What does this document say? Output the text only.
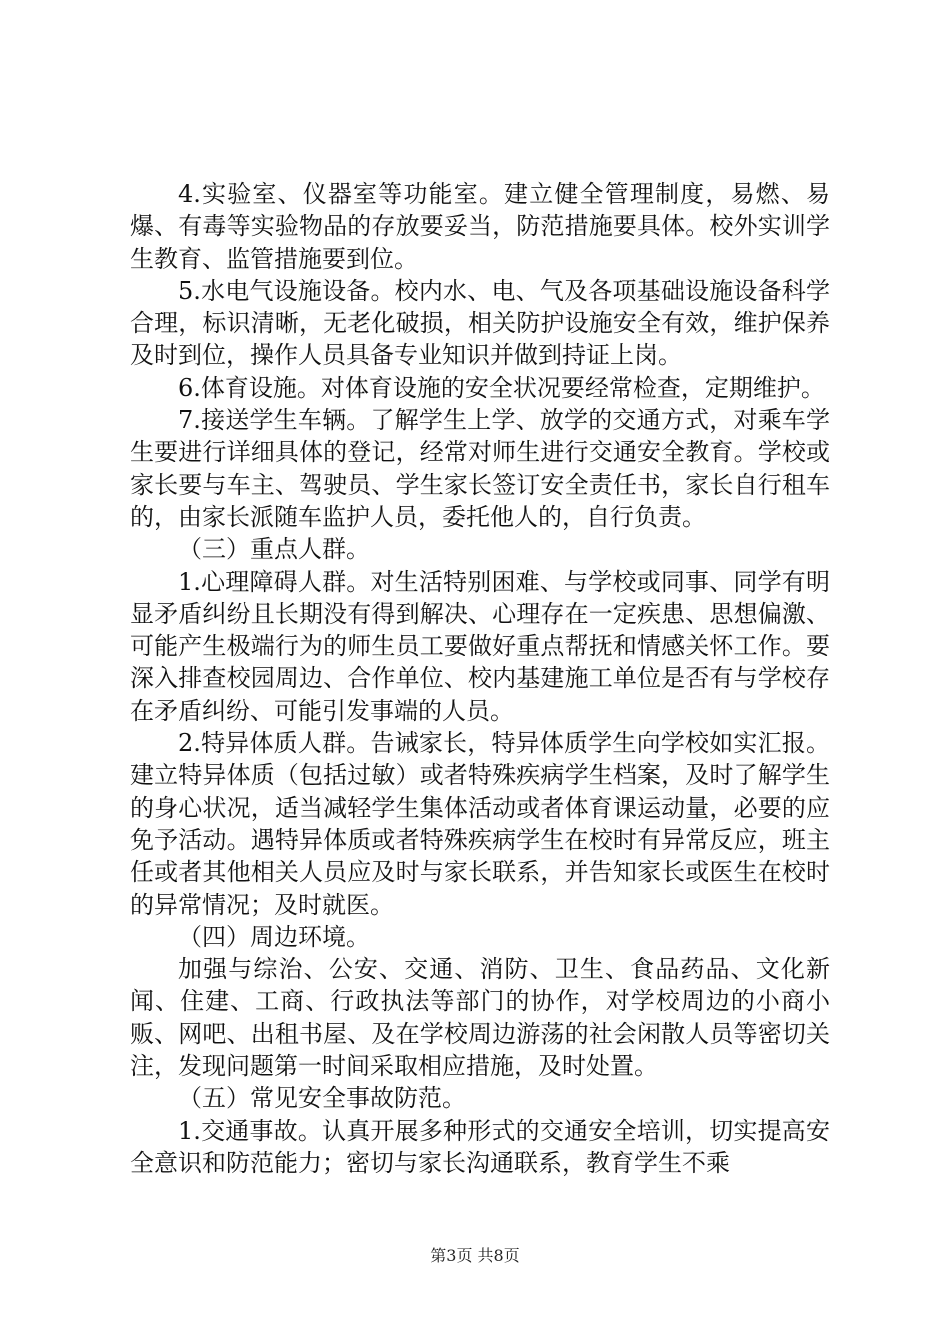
4.实验室、仪器室等功能室。建立健全管理制度，易燃、易爆、有毒等实验物品的存放要妥当，防范措施要具体。校外实训学生教育、监管措施要到位。

5.水电气设施设备。校内水、电、气及各项基础设施设备科学合理，标识清晰，无老化破损，相关防护设施安全有效，维护保养及时到位，操作人员具备专业知识并做到持证上岗。

6.体育设施。对体育设施的安全状况要经常检查，定期维护。

7.接送学生车辆。了解学生上学、放学的交通方式，对乘车学生要进行详细具体的登记，经常对师生进行交通安全教育。学校或家长要与车主、驾驶员、学生家长签订安全责任书，家长自行租车的，由家长派随车监护人员，委托他人的，自行负责。

（三）重点人群。

1.心理障碍人群。对生活特别困难、与学校或同事、同学有明显矛盾纠纷且长期没有得到解决、心理存在一定疾患、思想偏激、可能产生极端行为的师生员工要做好重点帮抚和情感关怀工作。要深入排查校园周边、合作单位、校内基建施工单位是否有与学校存在矛盾纠纷、可能引发事端的人员。

2.特异体质人群。告诫家长，特异体质学生向学校如实汇报。建立特异体质（包括过敏）或者特殊疾病学生档案，及时了解学生的身心状况，适当减轻学生集体活动或者体育课运动量，必要的应免予活动。遇特异体质或者特殊疾病学生在校时有异常反应，班主任或者其他相关人员应及时与家长联系，并告知家长或医生在校时的异常情况；及时就医。

（四）周边环境。

加强与综治、公安、交通、消防、卫生、食品药品、文化新闻、住建、工商、行政执法等部门的协作，对学校周边的小商小贩、网吧、出租书屋、及在学校周边游荡的社会闲散人员等密切关注，发现问题第一时间采取相应措施，及时处置。

（五）常见安全事故防范。

1.交通事故。认真开展多种形式的交通安全培训，切实提高安全意识和防范能力；密切与家长沟通联系，教育学生不乘

第3页 共8页
